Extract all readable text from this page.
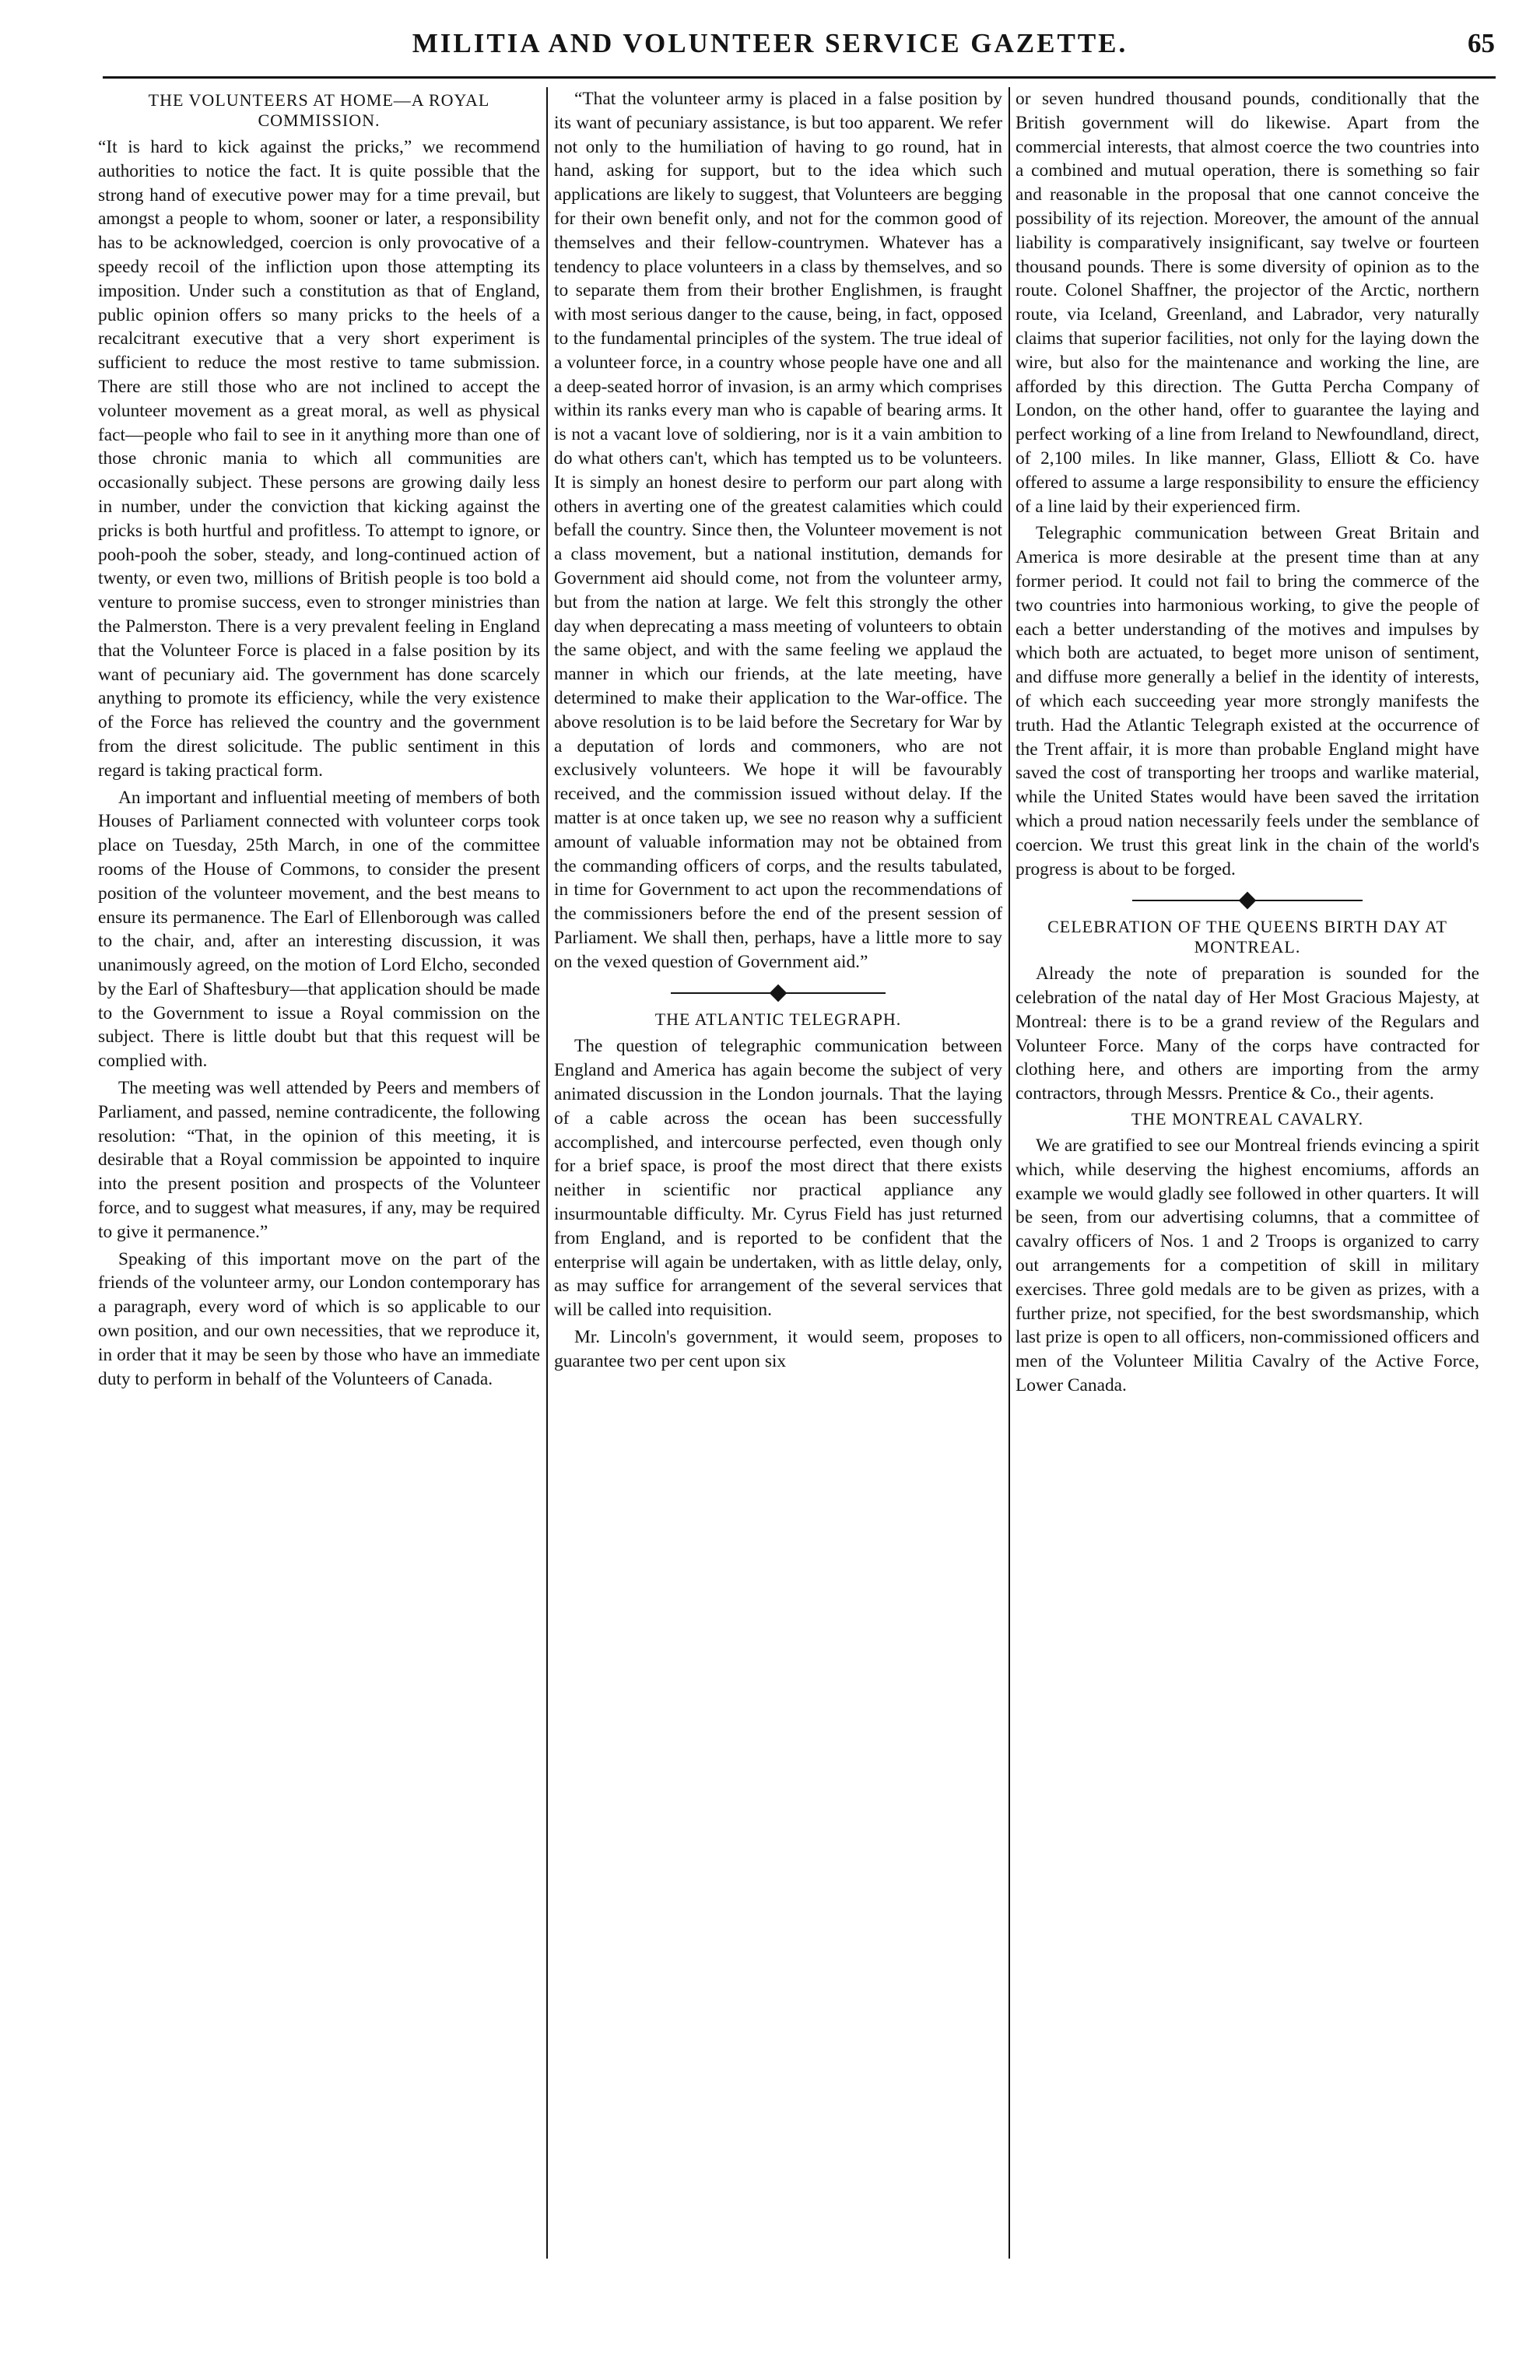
MILITIA AND VOLUNTEER SERVICE GAZETTE.	65
THE VOLUNTEERS AT HOME—A ROYAL COMMISSION.

“It is hard to kick against the pricks,” we recommend authorities to notice the fact. It is quite possible that the strong hand of executive power may for a time prevail, but amongst a people to whom, sooner or later, a responsibility has to be acknowledged, coercion is only provocative of a speedy recoil of the infliction upon those attempting its imposition. Under such a constitution as that of England, public opinion offers so many pricks to the heels of a recalcitrant executive that a very short experiment is sufficient to reduce the most restive to tame submission. There are still those who are not inclined to accept the volunteer movement as a great moral, as well as physical fact—people who fail to see in it anything more than one of those chronic mania to which all communities are occasionally subject. These persons are growing daily less in number, under the conviction that kicking against the pricks is both hurtful and profitless. To attempt to ignore, or pooh-pooh the sober, steady, and long-continued action of twenty, or even two, millions of British people is too bold a venture to promise success, even to stronger ministries than the Palmerston. There is a very prevalent feeling in England that the Volunteer Force is placed in a false position by its want of pecuniary aid. The government has done scarcely anything to promote its efficiency, while the very existence of the Force has relieved the country and the government from the direst solicitude. The public sentiment in this regard is taking practical form.

An important and influential meeting of members of both Houses of Parliament connected with volunteer corps took place on Tuesday, 25th March, in one of the committee rooms of the House of Commons, to consider the present position of the volunteer movement, and the best means to ensure its permanence. The Earl of Ellenborough was called to the chair, and, after an interesting discussion, it was unanimously agreed, on the motion of Lord Elcho, seconded by the Earl of Shaftesbury—that application should be made to the Government to issue a Royal commission on the subject. There is little doubt but that this request will be complied with.

The meeting was well attended by Peers and members of Parliament, and passed, nemine contradicente, the following resolution: “That, in the opinion of this meeting, it is desirable that a Royal commission be appointed to inquire into the present position and prospects of the Volunteer force, and to suggest what measures, if any, may be required to give it permanence.”

Speaking of this important move on the part of the friends of the volunteer army, our London contemporary has a paragraph, every word of which is so applicable to our own position, and our own necessities, that we reproduce it, in order that it may be seen by those who have an immediate duty to perform in behalf of the Volunteers of Canada.

“That the volunteer army is placed in a false position by its want of pecuniary assistance, is but too apparent. We refer not only to the humiliation of having to go round, hat in hand, asking for support, but to the idea which such applications are likely to suggest, that Volunteers are begging for their own benefit only, and not for the common good of themselves and their fellow-countrymen. Whatever has a tendency to place volunteers in a class by themselves, and so to separate them from their brother Englishmen, is fraught with most serious danger to the cause, being, in fact, opposed to the fundamental principles of the system. The true ideal of a volunteer force, in a country whose people have one and all a deep-seated horror of invasion, is an army which comprises within its ranks every man who is capable of bearing arms. It is not a vacant love of soldiering, nor is it a vain ambition to do what others can't, which has tempted us to be volunteers. It is simply an honest desire to perform our part along with others in averting one of the greatest calamities which could befall the country. Since then, the Volunteer movement is not a class movement, but a national institution, demands for Government aid should come, not from the volunteer army, but from the nation at large. We felt this strongly the other day when deprecating a mass meeting of volunteers to obtain the same object, and with the same feeling we applaud the manner in which our friends, at the late meeting, have determined to make their application to the War-office. The above resolution is to be laid before the Secretary for War by a deputation of lords and commoners, who are not exclusively volunteers. We hope it will be favourably received, and the commission issued without delay. If the matter is at once taken up, we see no reason why a sufficient amount of valuable information may not be obtained from the commanding officers of corps, and the results tabulated, in time for Government to act upon the recommendations of the commissioners before the end of the present session of Parliament. We shall then, perhaps, have a little more to say on the vexed question of Government aid.”

THE ATLANTIC TELEGRAPH.

The question of telegraphic communication between England and America has again become the subject of very animated discussion in the London journals. That the laying of a cable across the ocean has been successfully accomplished, and intercourse perfected, even though only for a brief space, is proof the most direct that there exists neither in scientific nor practical appliance any insurmountable difficulty. Mr. Cyrus Field has just returned from England, and is reported to be confident that the enterprise will again be undertaken, with as little delay, only, as may suffice for arrangement of the several services that will be called into requisition.

Mr. Lincoln's government, it would seem, proposes to guarantee two per cent upon six

or seven hundred thousand pounds, conditionally that the British government will do likewise. Apart from the commercial interests, that almost coerce the two countries into a combined and mutual operation, there is something so fair and reasonable in the proposal that one cannot conceive the possibility of its rejection. Moreover, the amount of the annual liability is comparatively insignificant, say twelve or fourteen thousand pounds. There is some diversity of opinion as to the route. Colonel Shaffner, the projector of the Arctic, northern route, via Iceland, Greenland, and Labrador, very naturally claims that superior facilities, not only for the laying down the wire, but also for the maintenance and working the line, are afforded by this direction. The Gutta Percha Company of London, on the other hand, offer to guarantee the laying and perfect working of a line from Ireland to Newfoundland, direct, of 2,100 miles. In like manner, Glass, Elliott & Co. have offered to assume a large responsibility to ensure the efficiency of a line laid by their experienced firm.

Telegraphic communication between Great Britain and America is more desirable at the present time than at any former period. It could not fail to bring the commerce of the two countries into harmonious working, to give the people of each a better understanding of the motives and impulses by which both are actuated, to beget more unison of sentiment, and diffuse more generally a belief in the identity of interests, of which each succeeding year more strongly manifests the truth. Had the Atlantic Telegraph existed at the occurrence of the Trent affair, it is more than probable England might have saved the cost of transporting her troops and warlike material, while the United States would have been saved the irritation which a proud nation necessarily feels under the semblance of coercion. We trust this great link in the chain of the world's progress is about to be forged.

CELEBRATION OF THE QUEENS BIRTH DAY AT MONTREAL.

Already the note of preparation is sounded for the celebration of the natal day of Her Most Gracious Majesty, at Montreal: there is to be a grand review of the Regulars and Volunteer Force. Many of the corps have contracted for clothing here, and others are importing from the army contractors, through Messrs. Prentice & Co., their agents.

THE MONTREAL CAVALRY.

We are gratified to see our Montreal friends evincing a spirit which, while deserving the highest encomiums, affords an example we would gladly see followed in other quarters. It will be seen, from our advertising columns, that a committee of cavalry officers of Nos. 1 and 2 Troops is organized to carry out arrangements for a competition of skill in military exercises. Three gold medals are to be given as prizes, with a further prize, not specified, for the best swordsmanship, which last prize is open to all officers, non-commissioned officers and men of the Volunteer Militia Cavalry of the Active Force, Lower Canada.
